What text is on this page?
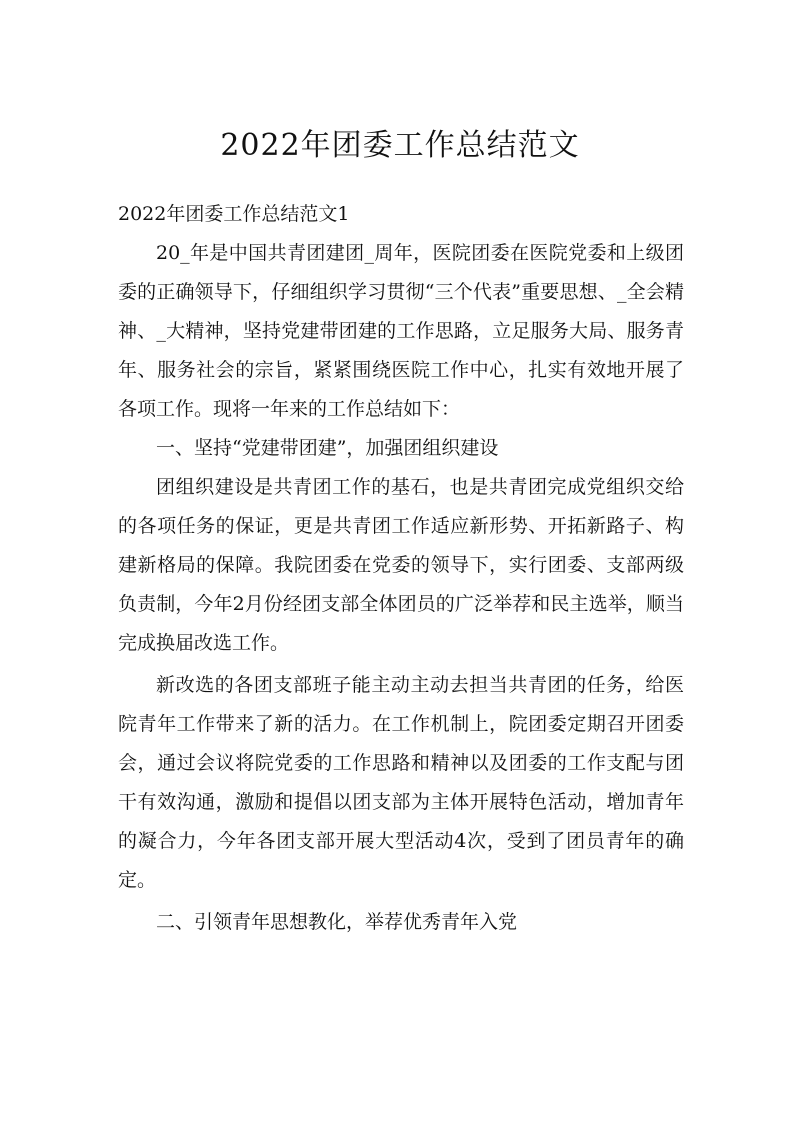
2022年团委工作总结范文

2022年团委工作总结范文1

20_年是中国共青团建团_周年，医院团委在医院党委和上级团委的正确领导下，仔细组织学习贯彻“三个代表”重要思想、_全会精神、_大精神，坚持党建带团建的工作思路，立足服务大局、服务青年、服务社会的宗旨，紧紧围绕医院工作中心，扎实有效地开展了各项工作。现将一年来的工作总结如下：

一、坚持“党建带团建”，加强团组织建设

团组织建设是共青团工作的基石，也是共青团完成党组织交给的各项任务的保证，更是共青团工作适应新形势、开拓新路子、构建新格局的保障。我院团委在党委的领导下，实行团委、支部两级负责制，今年2月份经团支部全体团员的广泛举荐和民主选举，顺当完成换届改选工作。

新改选的各团支部班子能主动主动去担当共青团的任务，给医院青年工作带来了新的活力。在工作机制上，院团委定期召开团委会，通过会议将院党委的工作思路和精神以及团委的工作支配与团干有效沟通，激励和提倡以团支部为主体开展特色活动，增加青年的凝合力，今年各团支部开展大型活动4次，受到了团员青年的确定。

二、引领青年思想教化，举荐优秀青年入党
